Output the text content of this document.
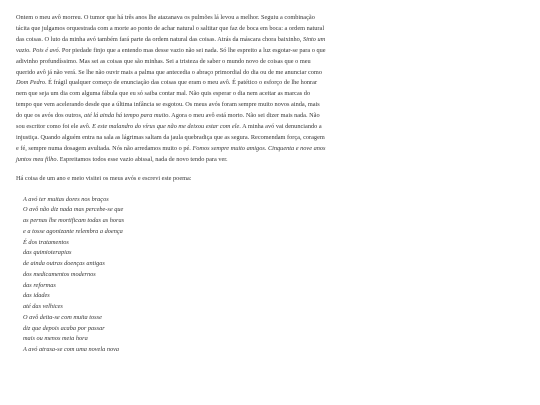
Ontem o meu avô morreu. O tumor que há três anos lhe atazanava os pulmões lá levou a melhor. Seguiu a combinação tácita que julgamos orquestrada com a morte ao ponto de achar natural o saltitar que faz de boca em boca: a ordem natural das coisas. O luto da minha avó também fará parte da ordem natural das coisas. Atrás da máscara chora baixinho, Sinto um vazio. Pois é avó. Por piedade finjo que a entendo mas desse vazio não sei nada. Só lhe espreito a luz esgotar-se para o que adivinho profundíssimo. Mas sei as coisas que são minhas. Sei a tristeza de saber o mundo novo de coisas que o meu querido avô já não verá. Se lhe não ouvir mais a palma que antecedia o abraço primordial do dia ou de me anunciar como Dom Pedro. É frágil qualquer começo de enunciação das coisas que eram o meu avô. É patético o esforço de lhe honrar nem que seja um dia com alguma fábula que eu só saiba contar mal. Não quis esperar o dia nem aceitar as marcas do tempo que vem acelerando desde que a última infância se esgotou. Os meus avós foram sempre muito novos ainda, mais do que os avós dos outros, até lá ainda há tempo para muito. Agora o meu avô está morto. Não sei dizer mais nada. Não sou escritor como foi ele avô. E este malandro do vírus que não me deixou estar com ele. A minha avó vai denunciando a injustiça. Quando alguém entra na sala as lágrimas saltam da jaula quebradiça que as segura. Recomendam força, coragem e fé, sempre numa dosagem avultada. Nós não arredamos muito o pé. Fomos sempre muito amigos. Cinquenta e nove anos juntos meu filho. Espreitamos todos esse vazio abissal, nada de novo tendo para ver.

Há coisa de um ano e meio visitei os meus avós e escrevi este poema:

A avó ter muitas dores nos braços
O avô não diz nada mas percebe-se que
as pernas lhe mortificam todas as horas
e a tosse agonizante relembra a doença
É dos tratamentos
das quimioterapias
de ainda outras doenças antigas
dos medicamentos modernos
das reformas
das idades
até das velhices
O avô deita-se com muita tosse
diz que depois acaba por passar
mais ou menos meia hora
A avó atrasa-se com uma novela nova
